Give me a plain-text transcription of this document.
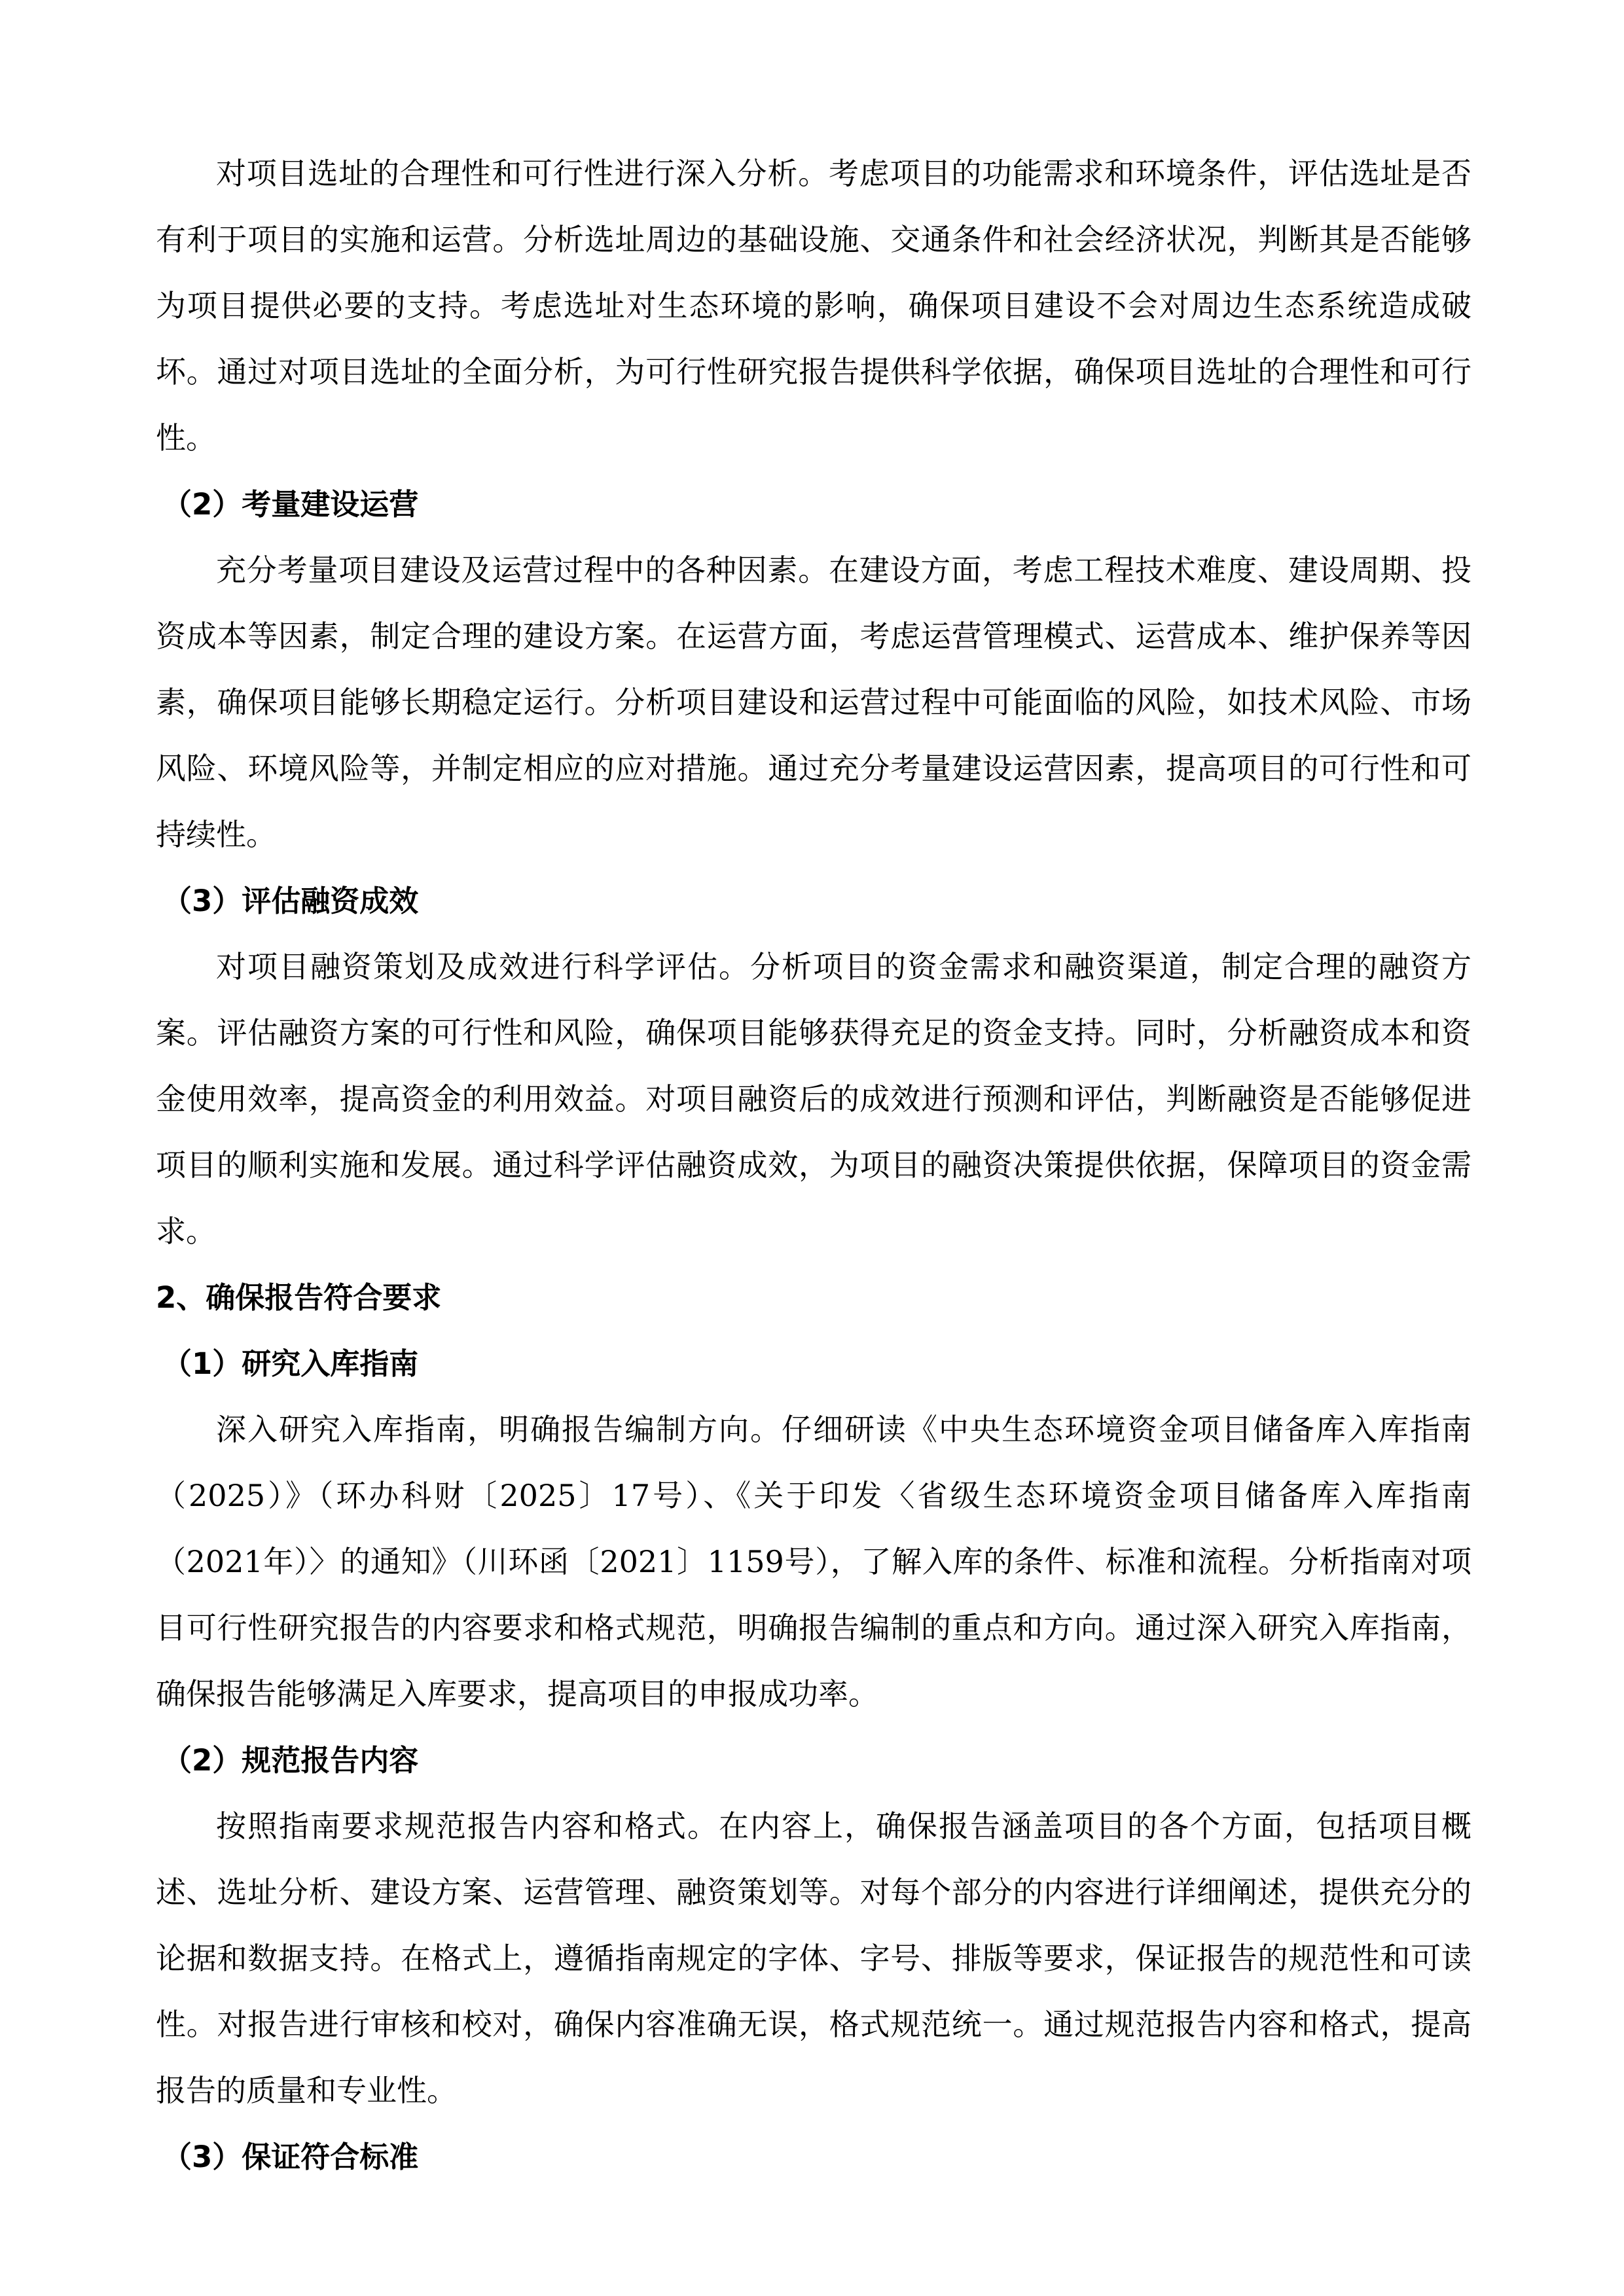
对项目选址的合理性和可行性进行深入分析。考虑项目的功能需求和环境条件，评估选址是否有利于项目的实施和运营。分析选址周边的基础设施、交通条件和社会经济状况，判断其是否能够为项目提供必要的支持。考虑选址对生态环境的影响，确保项目建设不会对周边生态系统造成破坏。通过对项目选址的全面分析，为可行性研究报告提供科学依据，确保项目选址的合理性和可行性。

（2）考量建设运营

充分考量项目建设及运营过程中的各种因素。在建设方面，考虑工程技术难度、建设周期、投资成本等因素，制定合理的建设方案。在运营方面，考虑运营管理模式、运营成本、维护保养等因素，确保项目能够长期稳定运行。分析项目建设和运营过程中可能面临的风险，如技术风险、市场风险、环境风险等，并制定相应的应对措施。通过充分考量建设运营因素，提高项目的可行性和可持续性。

（3）评估融资成效

对项目融资策划及成效进行科学评估。分析项目的资金需求和融资渠道，制定合理的融资方案。评估融资方案的可行性和风险，确保项目能够获得充足的资金支持。同时，分析融资成本和资金使用效率，提高资金的利用效益。对项目融资后的成效进行预测和评估，判断融资是否能够促进项目的顺利实施和发展。通过科学评估融资成效，为项目的融资决策提供依据，保障项目的资金需求。

2、确保报告符合要求

（1）研究入库指南

深入研究入库指南，明确报告编制方向。仔细研读《中央生态环境资金项目储备库入库指南（2025）》（环办科财〔2025〕17号）、《关于印发〈省级生态环境资金项目储备库入库指南（2021年）〉的通知》（川环函〔2021〕1159号），了解入库的条件、标准和流程。分析指南对项目可行性研究报告的内容要求和格式规范，明确报告编制的重点和方向。通过深入研究入库指南，确保报告能够满足入库要求，提高项目的申报成功率。

（2）规范报告内容

按照指南要求规范报告内容和格式。在内容上，确保报告涵盖项目的各个方面，包括项目概述、选址分析、建设方案、运营管理、融资策划等。对每个部分的内容进行详细阐述，提供充分的论据和数据支持。在格式上，遵循指南规定的字体、字号、排版等要求，保证报告的规范性和可读性。对报告进行审核和校对，确保内容准确无误，格式规范统一。通过规范报告内容和格式，提高报告的质量和专业性。

（3）保证符合标准
